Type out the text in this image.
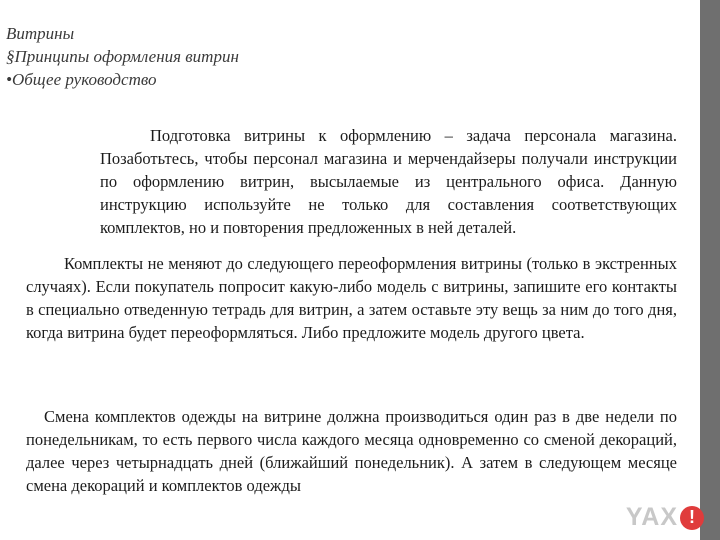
Витрины
§Принципы оформления витрин
•Общее руководство

Подготовка витрины к оформлению – задача персонала магазина. Позаботьтесь, чтобы персонал магазина и мерчендайзеры получали инструкции по оформлению витрин, высылаемые из центрального офиса. Данную инструкцию используйте не только для составления соответствующих комплектов, но и повторения предложенных в ней деталей.

Комплекты не меняют до следующего переоформления витрины (только в экстренных случаях). Если покупатель попросит какую-либо модель с витрины, запишите его контакты в специально отведенную тетрадь для витрин, а затем оставьте эту вещь за ним до того дня, когда витрина будет переоформляться. Либо предложите модель другого цвета.

Смена комплектов одежды на витрине должна производиться один раз в две недели по понедельникам, то есть первого числа каждого месяца одновременно со сменой декораций, далее через четырнадцать дней (ближайший понедельник). А затем в следующем месяце смена декораций и комплектов одежды

YAX !
